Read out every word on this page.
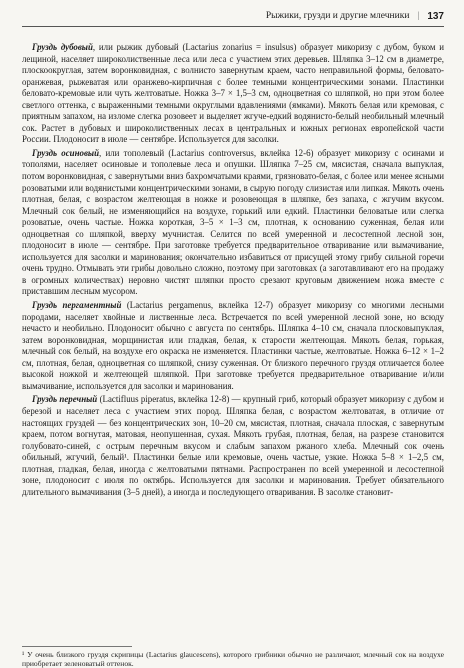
Рыжики, грузди и другие млечники | 137

Груздь дубовый, или рыжик дубовый (Lactarius zonarius = insulsus) образует микоризу с дубом, буком и лещиной, населяет широколиственные леса или леса с участием этих деревьев. Шляпка 3–12 см в диаметре, плоскоокруглая, затем воронковидная, с волнисто завернутым краем, часто неправильной формы, беловато-оранжевая, рыжеватая или оранжево-кирпичная с более темными концентрическими зонами. Пластинки беловато-кремовые или чуть желтоватые. Ножка 3–7 × 1,5–3 см, одноцветная со шляпкой, но при этом более светлого оттенка, с выраженными темными округлыми вдавлениями (ямками). Мякоть белая или кремовая, с приятным запахом, на изломе слегка розовеет и выделяет жгуче-едкий водянисто-белый необильный млечный сок. Растет в дубовых и широколиственных лесах в центральных и южных регионах европейской части России. Плодоносит в июле — сентябре. Используется для засолки.

Груздь осиновый, или тополевый (Lactarius controversus, вклейка 12-6) образует микоризу с осинами и тополями, населяет осиновые и тополевые леса и опушки. Шляпка 7–25 см, мясистая, сначала выпуклая, потом воронковидная, с завернутыми вниз бахромчатыми краями, грязновато-белая, с более или менее ясными розоватыми или водянистыми концентрическими зонами, в сырую погоду слизистая или липкая. Мякоть очень плотная, белая, с возрастом желтеющая в ножке и розовеющая в шляпке, без запаха, с жгучим вкусом. Млечный сок белый, не изменяющийся на воздухе, горький или едкий. Пластинки беловатые или слегка розоватые, очень частые. Ножка короткая, 3–5 × 1–3 см, плотная, к основанию суженная, белая или одноцветная со шляпкой, вверху мучнистая. Селится по всей умеренной и лесостепной лесной зон, плодоносит в июле — сентябре. При заготовке требуется предварительное отваривание или вымачивание, используется для засолки и маринования; окончательно избавиться от присущей этому грибу сильной горечи очень трудно. Отмывать эти грибы довольно сложно, поэтому при заготовках (а заготавливают его на продажу в огромных количествах) неровно чистят шляпки просто срезают круговым движением ножа вместе с приставшим лесным мусором.

Груздь пергаментный (Lactarius pergamenus, вклейка 12-7) образует микоризу со многими лесными породами, населяет хвойные и лиственные леса. Встречается по всей умеренной лесной зоне, но всюду нечасто и необильно. Плодоносит обычно с августа по сентябрь. Шляпка 4–10 см, сначала плосковыпуклая, затем воронковидная, морщинистая или гладкая, белая, к старости желтеющая. Мякоть белая, горькая, млечный сок белый, на воздухе его окраска не изменяется. Пластинки частые, желтоватые. Ножка 6–12 × 1–2 см, плотная, белая, одноцветная со шляпкой, снизу суженная. От близкого перечного груздя отличается более высокой ножкой и желтеющей шляпкой. При заготовке требуется предварительное отваривание и/или вымачивание, используется для засолки и маринования.

Груздь перечный (Lactifluus piperatus, вклейка 12-8) — крупный гриб, который образует микоризу с дубом и березой и населяет леса с участием этих пород. Шляпка белая, с возрастом желтоватая, в отличие от настоящих груздей — без концентрических зон, 10–20 см, мясистая, плотная, сначала плоская, с завернутым краем, потом вогнутая, матовая, неопушенная, сухая. Мякоть грубая, плотная, белая, на разрезе становится голубовато-синей, с острым перечным вкусом и слабым запахом ржаного хлеба. Млечный сок очень обильный, жгучий, белый¹. Пластинки белые или кремовые, очень частые, узкие. Ножка 5–8 × 1–2,5 см, плотная, гладкая, белая, иногда с желтоватыми пятнами. Распространен по всей умеренной и лесостепной зоне, плодоносит с июля по октябрь. Используется для засолки и маринования. Требует обязательного длительного вымачивания (3–5 дней), а иногда и последующего отваривания. В засолке становит-

¹ У очень близкого груздя скрипицы (Lactarius glaucescens), которого грибники обычно не различают, млечный сок на воздухе приобретает зеленоватый оттенок.
